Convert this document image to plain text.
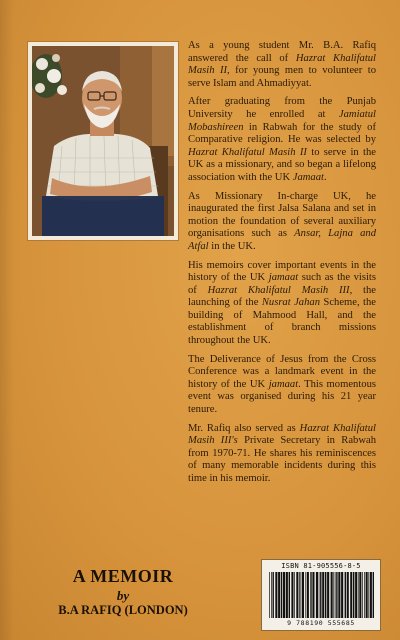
As a young student Mr. B.A. Rafiq answered the call of Hazrat Khalifatul Masih II, for young men to volunteer to serve Islam and Ahmadiyyat.

After graduating from the Punjab University he enrolled at Jamiatul Mobashireen in Rabwah for the study of Comparative religion. He was selected by Hazrat Khalifatul Masih II to serve in the UK as a missionary, and so began a lifelong association with the UK Jamaat.

As Missionary In-charge UK, he inaugurated the first Jalsa Salana and set in motion the foundation of several auxiliary organisations such as Ansar, Lajna and Atfal in the UK.

His memoirs cover important events in the history of the UK jamaat such as the visits of Hazrat Khalifatul Masih III, the launching of the Nusrat Jahan Scheme, the building of Mahmood Hall, and the establishment of branch missions throughout the UK.

The Deliverance of Jesus from the Cross Conference was a landmark event in the history of the UK jamaat. This momentous event was organised during his 21 year tenure.

Mr. Rafiq also served as Hazrat Khalifatul Masih III's Private Secretary in Rabwah from 1970-71. He shares his reminiscences of many memorable incidents during this time in his memoir.

A MEMOIR
by
B.A RAFIQ (LONDON)
ISBN 81-905556-8-5
9 788190 555685
